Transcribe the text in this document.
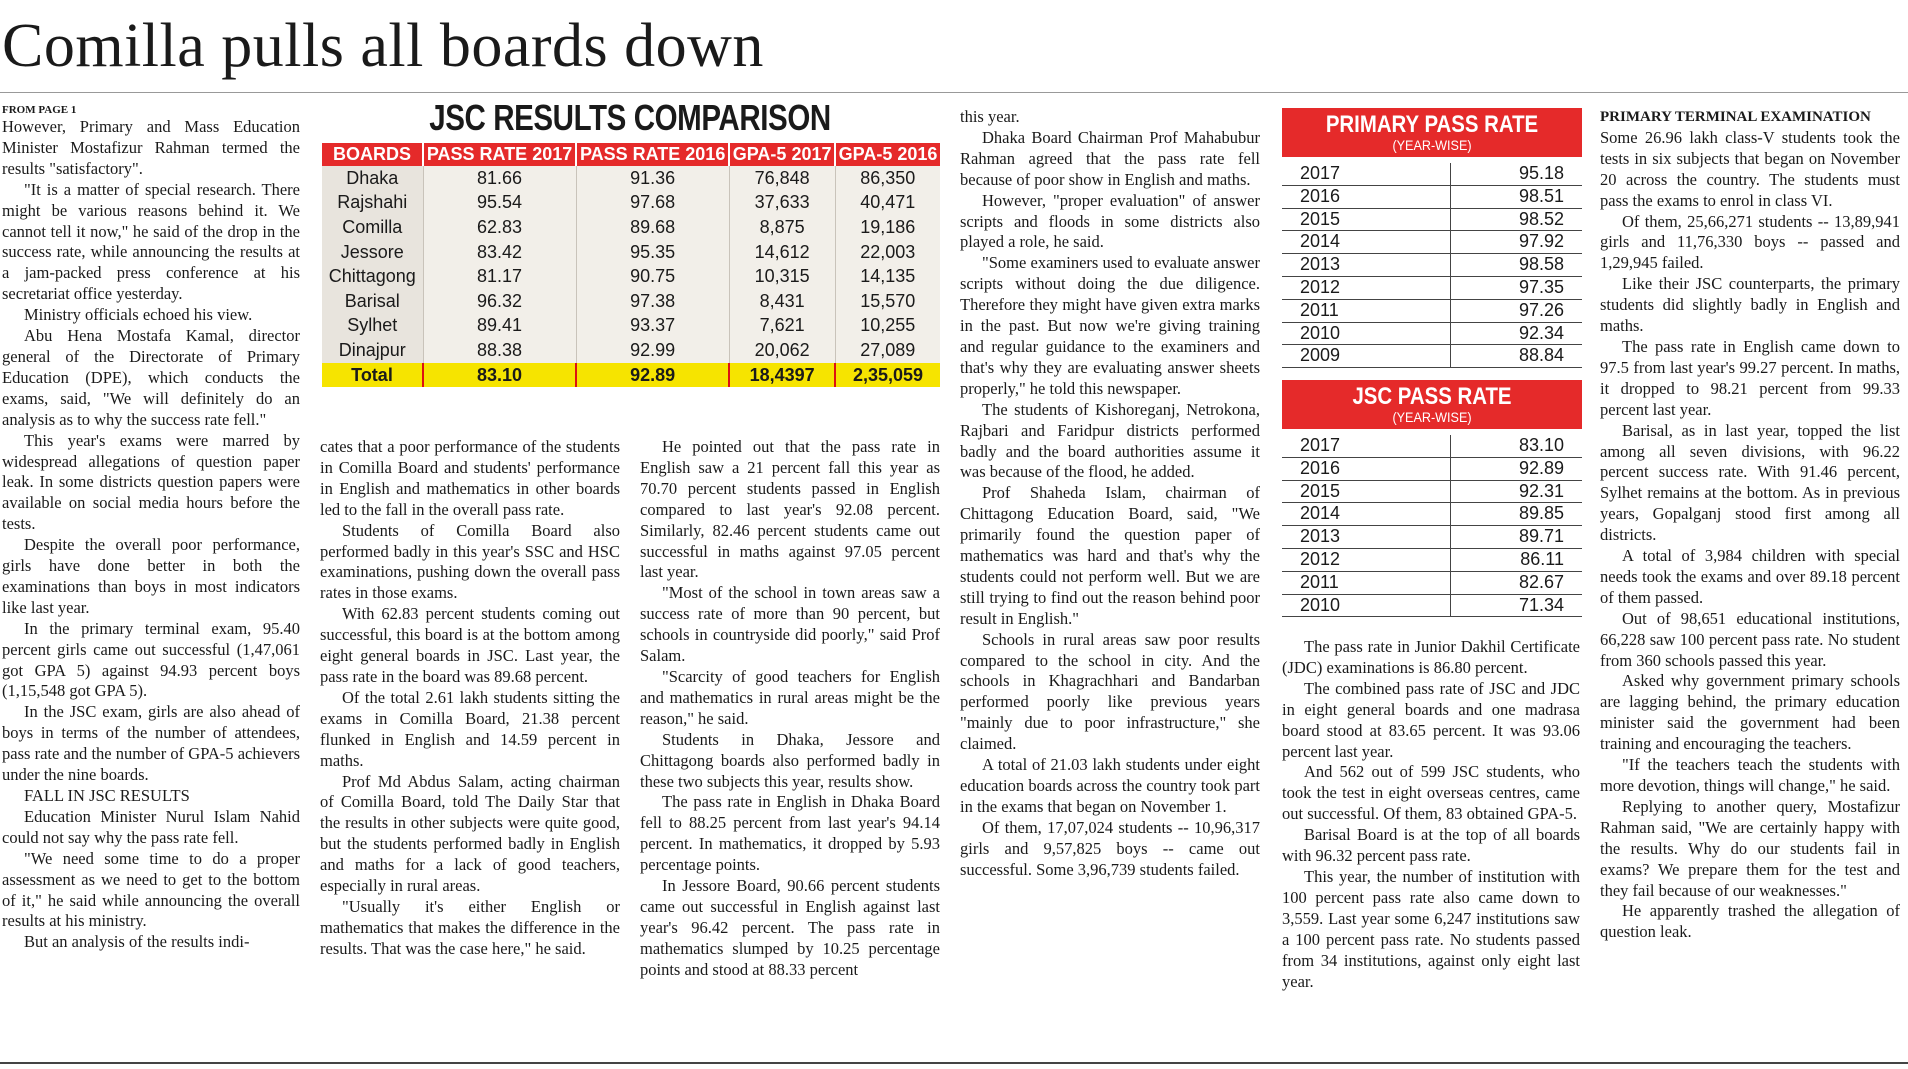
Comilla pulls all boards down
FROM PAGE 1

However, Primary and Mass Education Minister Mostafizur Rahman termed the results "satisfactory".

"It is a matter of special research. There might be various reasons behind it. We cannot tell it now," he said of the drop in the success rate, while announcing the results at a jam-packed press conference at his secretariat office yesterday.

Ministry officials echoed his view.

Abu Hena Mostafa Kamal, director general of the Directorate of Primary Education (DPE), which conducts the exams, said, "We will definitely do an analysis as to why the success rate fell."

This year's exams were marred by widespread allegations of question paper leak. In some districts question papers were available on social media hours before the tests.

Despite the overall poor performance, girls have done better in both the examinations than boys in most indicators like last year.

In the primary terminal exam, 95.40 percent girls came out successful (1,47,061 got GPA 5) against 94.93 percent boys (1,15,548 got GPA 5).

In the JSC exam, girls are also ahead of boys in terms of the number of attendees, pass rate and the number of GPA-5 achievers under the nine boards.

FALL IN JSC RESULTS

Education Minister Nurul Islam Nahid could not say why the pass rate fell.

"We need some time to do a proper assessment as we need to get to the bottom of it," he said while announcing the overall results at his ministry.

But an analysis of the results indi-

JSC RESULTS COMPARISON
BOARDS	PASS RATE 2017	PASS RATE 2016	GPA-5 2017	GPA-5 2016
Dhaka	81.66	91.36	76,848	86,350
Rajshahi	95.54	97.68	37,633	40,471
Comilla	62.83	89.68	8,875	19,186
Jessore	83.42	95.35	14,612	22,003
Chittagong	81.17	90.75	10,315	14,135
Barisal	96.32	97.38	8,431	15,570
Sylhet	89.41	93.37	7,621	10,255
Dinajpur	88.38	92.99	20,062	27,089
Total	83.10	92.89	18,4397	2,35,059

cates that a poor performance of the students in Comilla Board and students' performance in English and mathematics in other boards led to the fall in the overall pass rate.

Students of Comilla Board also performed badly in this year's SSC and HSC examinations, pushing down the overall pass rates in those exams.

With 62.83 percent students coming out successful, this board is at the bottom among eight general boards in JSC. Last year, the pass rate in the board was 89.68 percent.

Of the total 2.61 lakh students sitting the exams in Comilla Board, 21.38 percent flunked in English and 14.59 percent in maths.

Prof Md Abdus Salam, acting chairman of Comilla Board, told The Daily Star that the results in other subjects were quite good, but the students performed badly in English and maths for a lack of good teachers, especially in rural areas.

"Usually it's either English or mathematics that makes the difference in the results. That was the case here," he said.

He pointed out that the pass rate in English saw a 21 percent fall this year as 70.70 percent students passed in English compared to last year's 92.08 percent. Similarly, 82.46 percent students came out successful in maths against 97.05 percent last year.

"Most of the school in town areas saw a success rate of more than 90 percent, but schools in countryside did poorly," said Prof Salam.

"Scarcity of good teachers for English and mathematics in rural areas might be the reason," he said.

Students in Dhaka, Jessore and Chittagong boards also performed badly in these two subjects this year, results show.

The pass rate in English in Dhaka Board fell to 88.25 percent from last year's 94.14 percent. In mathematics, it dropped by 5.93 percentage points.

In Jessore Board, 90.66 percent students came out successful in English against last year's 96.42 percent. The pass rate in mathematics slumped by 10.25 percentage points and stood at 88.33 percent

this year.

Dhaka Board Chairman Prof Mahabubur Rahman agreed that the pass rate fell because of poor show in English and maths.

However, "proper evaluation" of answer scripts and floods in some districts also played a role, he said.

"Some examiners used to evaluate answer scripts without doing the due diligence. Therefore they might have given extra marks in the past. But now we're giving training and regular guidance to the examiners and that's why they are evaluating answer sheets properly," he told this newspaper.

The students of Kishoreganj, Netrokona, Rajbari and Faridpur districts performed badly and the board authorities assume it was because of the flood, he added.

Prof Shaheda Islam, chairman of Chittagong Education Board, said, "We primarily found the question paper of mathematics was hard and that's why the students could not perform well. But we are still trying to find out the reason behind poor result in English."

Schools in rural areas saw poor results compared to the school in city. And the schools in Khagrachhari and Bandarban performed poorly like previous years "mainly due to poor infrastructure," she claimed.

A total of 21.03 lakh students under eight education boards across the country took part in the exams that began on November 1.

Of them, 17,07,024 students -- 10,96,317 girls and 9,57,825 boys -- came out successful. Some 3,96,739 students failed.

PRIMARY PASS RATE
(YEAR-WISE)
2017	95.18
2016	98.51
2015	98.52
2014	97.92
2013	98.58
2012	97.35
2011	97.26
2010	92.34
2009	88.84
JSC PASS RATE
(YEAR-WISE)
2017	83.10
2016	92.89
2015	92.31
2014	89.85
2013	89.71
2012	86.11
2011	82.67
2010	71.34

The pass rate in Junior Dakhil Certificate (JDC) examinations is 86.80 percent.

The combined pass rate of JSC and JDC in eight general boards and one madrasa board stood at 83.65 percent. It was 93.06 percent last year.

And 562 out of 599 JSC students, who took the test in eight overseas centres, came out successful. Of them, 83 obtained GPA-5.

Barisal Board is at the top of all boards with 96.32 percent pass rate.

This year, the number of institution with 100 percent pass rate also came down to 3,559. Last year some 6,247 institutions saw a 100 percent pass rate. No students passed from 34 institutions, against only eight last year.

PRIMARY TERMINAL EXAMINATION

Some 26.96 lakh class-V students took the tests in six subjects that began on November 20 across the country. The students must pass the exams to enrol in class VI.

Of them, 25,66,271 students -- 13,89,941 girls and 11,76,330 boys -- passed and 1,29,945 failed.

Like their JSC counterparts, the primary students did slightly badly in English and maths.

The pass rate in English came down to 97.5 from last year's 99.27 percent. In maths, it dropped to 98.21 percent from 99.33 percent last year.

Barisal, as in last year, topped the list among all seven divisions, with 96.22 percent success rate. With 91.46 percent, Sylhet remains at the bottom. As in previous years, Gopalganj stood first among all districts.

A total of 3,984 children with special needs took the exams and over 89.18 percent of them passed.

Out of 98,651 educational institutions, 66,228 saw 100 percent pass rate. No student from 360 schools passed this year.

Asked why government primary schools are lagging behind, the primary education minister said the government had been training and encouraging the teachers.

"If the teachers teach the students with more devotion, things will change," he said.

Replying to another query, Mostafizur Rahman said, "We are certainly happy with the results. Why do our students fail in exams? We prepare them for the test and they fail because of our weaknesses."

He apparently trashed the allegation of question leak.
